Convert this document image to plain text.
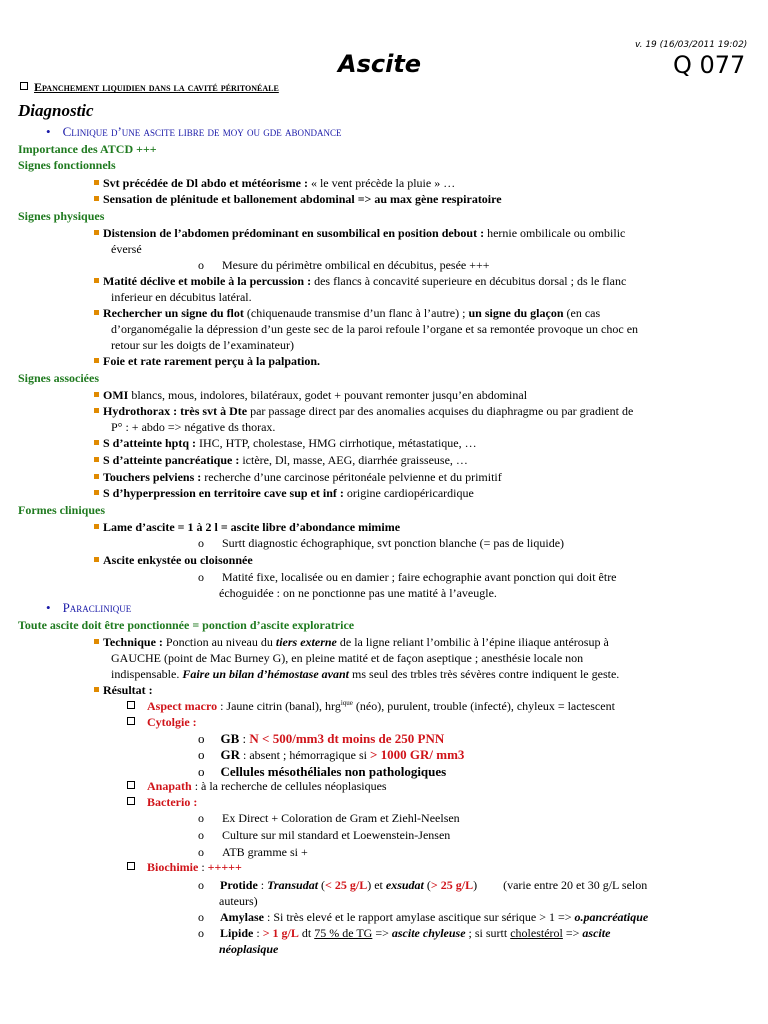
v. 19 (16/03/2011 19:02)
Ascite	Q 077
Epanchement liquidien dans la cavité péritonéale
Diagnostic
• Clinique d’une ascite libre de moy ou gde abondance
Importance des ATCD +++
Signes fonctionnels
Svt précédée de Dl abdo et météorisme : « le vent précède la pluie » …
Sensation de plénitude et ballonement abdominal => au max gène respiratoire
Signes physiques
Distension de l’abdomen prédominant en susombilical en position debout : hernie ombilicale ou ombilic
éversé
o Mesure du périmètre ombilical en décubitus, pesée +++
Matité déclive et mobile à la percussion : des flancs à concavité superieure en décubitus dorsal ; ds le flanc
inferieur en décubitus latéral.
Rechercher un signe du flot (chiquenaude transmise d’un flanc à l’autre) ; un signe du glaçon (en cas
d’organomégalie la dépression d’un geste sec de la paroi refoule l’organe et sa remontée provoque un choc en
retour sur les doigts de l’examinateur)
Foie et rate rarement perçu à la palpation.
Signes associées
OMI blancs, mous, indolores, bilatéraux, godet + pouvant remonter jusqu’en abdominal
Hydrothorax : très svt à Dte par passage direct par des anomalies acquises du diaphragme ou par gradient de
P° : + abdo => négative ds thorax.
S d’atteinte hptq : IHC, HTP, cholestase, HMG cirrhotique, métastatique, …
S d’atteinte pancréatique : ictère, Dl, masse, AEG, diarrhée graisseuse, …
Touchers pelviens : recherche d’une carcinose péritonéale pelvienne et du primitif
S d’hyperpression en territoire cave sup et inf : origine cardiopéricardique
Formes cliniques
Lame d’ascite = 1 à 2 l = ascite libre d’abondance mimime
o Surtt diagnostic échographique, svt ponction blanche (= pas de liquide)
Ascite enkystée ou cloisonnée
o Matité fixe, localisée ou en damier ; faire echographie avant ponction qui doit être
échoguidée : on ne ponctionne pas une matité à l’aveugle.
• Paraclinique
Toute ascite doit être ponctionnée = ponction d’ascite exploratrice
Technique : Ponction au niveau du tiers externe de la ligne reliant l’ombilic à l’épine iliaque antérosup à
GAUCHE (point de Mac Burney G), en pleine matité et de façon aseptique ; anesthésie locale non
indispensable. Faire un bilan d’hémostase avant ms seul des trbles très sévères contre indiquent le geste.
Résultat :
Aspect macro : Jaune citrin (banal), hrg$^{ique}$ (néo), purulent, trouble (infecté), chyleux = lactescent
Cytolgie :
o GB : N < 500/mm3 dt moins de 250 PNN
o GR : absent ; hémorragique si > 1000 GR/ mm3
o Cellules mésothéliales non pathologiques
Anapath : à la recherche de cellules néoplasiques
Bacterio :
o Ex Direct + Coloration de Gram et Ziehl-Neelsen
o Culture sur mil standard et Loewenstein-Jensen
o ATB gramme si +
Biochimie : +++++
o Protide : Transudat (< 25 g/L) et exsudat (> 25 g/L) (varie entre 20 et 30 g/L selon
auteurs)
o Amylase : Si très elevé et le rapport amylase ascitique sur sérique > 1 => o.pancréatique
o Lipide : > 1 g/L dt 75 % de TG => ascite chyleuse ; si surtt cholestérol => ascite
néoplasique
